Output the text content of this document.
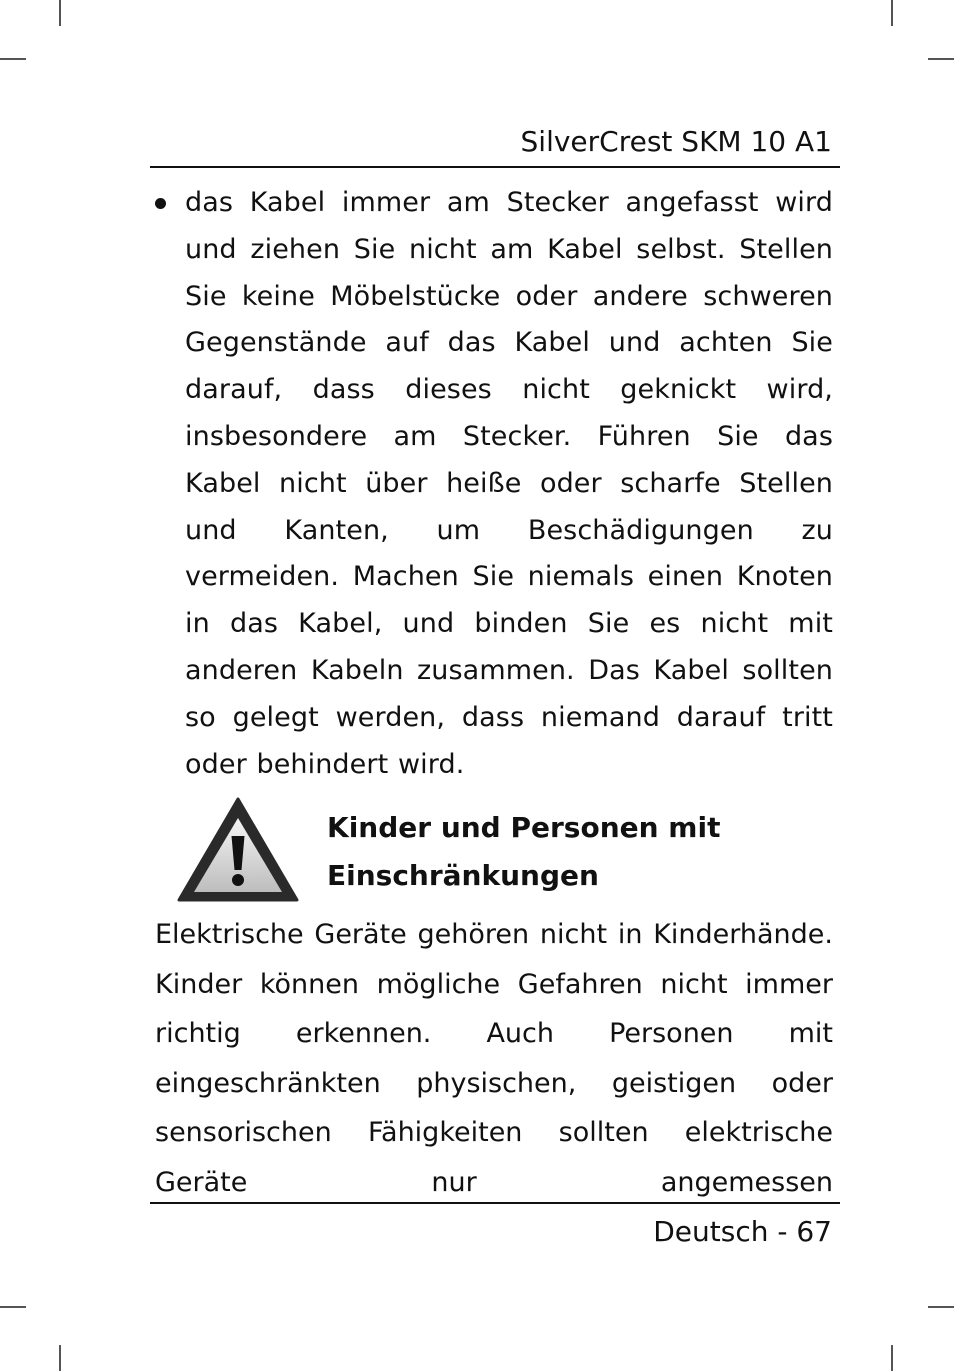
SilverCrest SKM 10 A1
das Kabel immer am Stecker angefasst wird und ziehen Sie nicht am Kabel selbst. Stellen Sie keine Möbelstücke oder andere schweren Gegenstände auf das Kabel und achten Sie darauf, dass dieses nicht geknickt wird, insbesondere am Stecker. Führen Sie das Kabel nicht über heiße oder scharfe Stellen und Kanten, um Beschädigungen zu vermeiden. Machen Sie niemals einen Knoten in das Kabel, und binden Sie es nicht mit anderen Kabeln zusammen. Das Kabel sollten so gelegt werden, dass niemand darauf tritt oder behindert wird.
Kinder und Personen mit
Einschränkungen
Elektrische Geräte gehören nicht in Kinderhände. Kinder können mögliche Gefahren nicht immer richtig erkennen. Auch Personen mit eingeschränkten physischen, geistigen oder sensorischen Fähigkeiten sollten elektrische Geräte nur angemessen
Deutsch - 67
